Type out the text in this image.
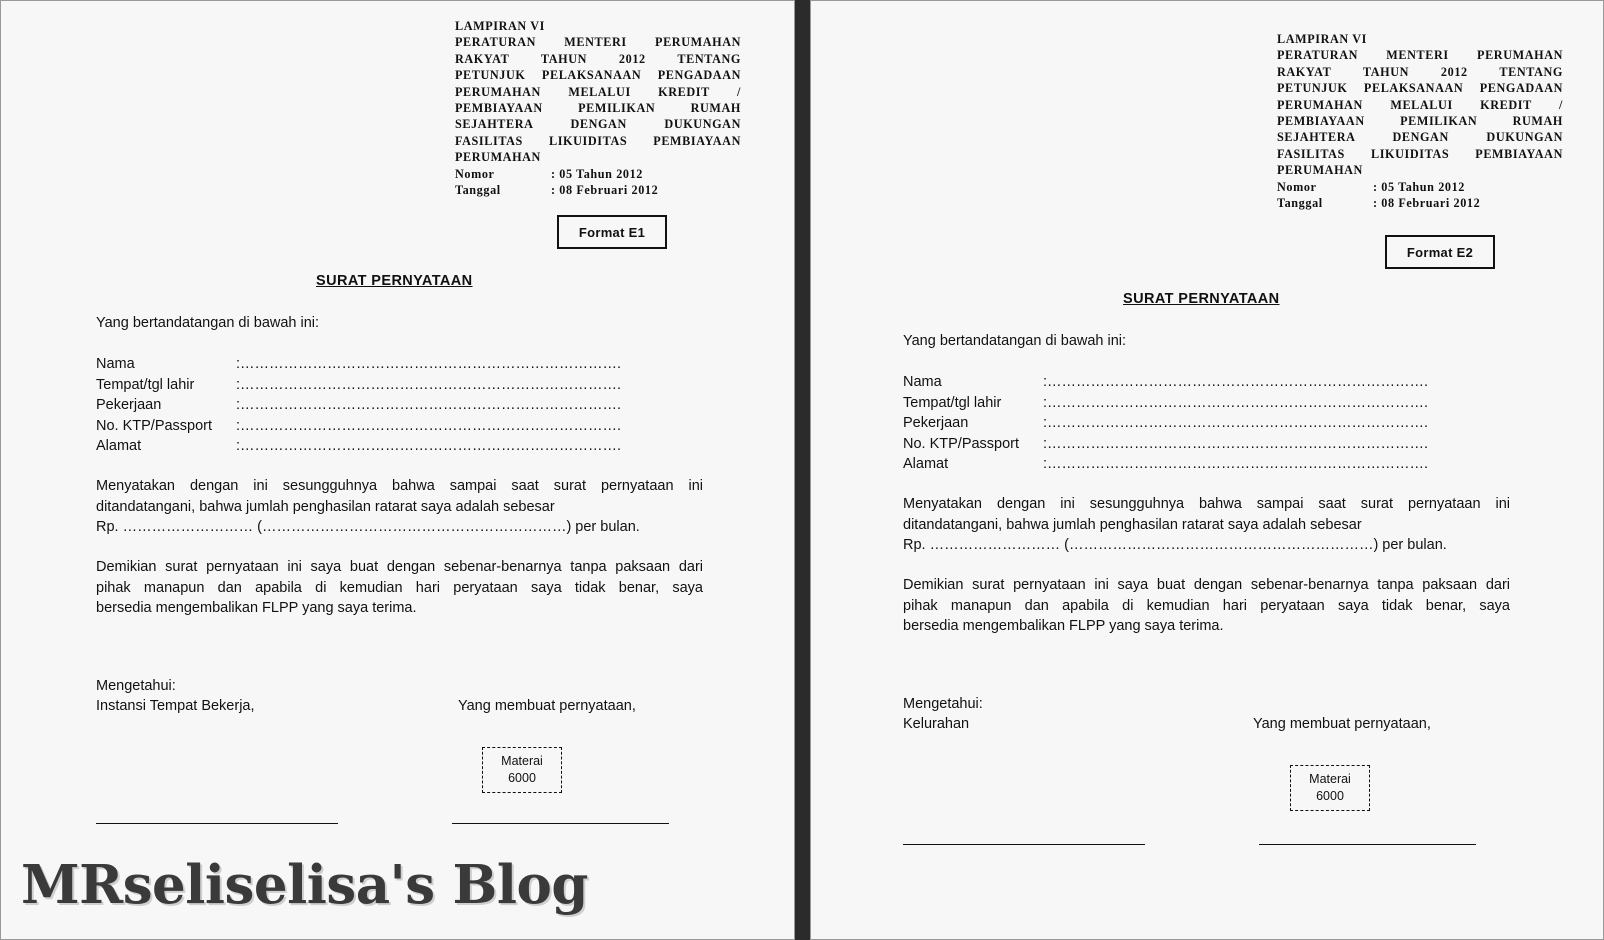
LAMPIRAN VI
PERATURAN MENTERI PERUMAHAN
RAKYAT TAHUN 2012 TENTANG
PETUNJUK PELAKSANAAN PENGADAAN
PERUMAHAN MELALUI KREDIT /
PEMBIAYAAN PEMILIKAN RUMAH
SEJAHTERA DENGAN DUKUNGAN
FASILITAS LIKUIDITAS PEMBIAYAAN
PERUMAHAN
Nomor	: 05 Tahun 2012
Tanggal	: 08 Februari 2012
Format E1
SURAT PERNYATAAN
Yang bertandatangan di bawah ini:
Nama	:…………………………………………………………………….
Tempat/tgl lahir	:…………………………………………………………………….
Pekerjaan	:…………………………………………………………………….
No. KTP/Passport	:…………………………………………………………………….
Alamat	:…………………………………………………………………….
Menyatakan dengan ini sesungguhnya bahwa sampai saat surat pernyataan ini
ditandatangani, bahwa jumlah penghasilan ratarat saya adalah sebesar
Rp. ……………………… (………………………………………………………) per bulan.
Demikian surat pernyataan ini saya buat dengan sebenar-benarnya tanpa paksaan dari
pihak manapun dan apabila di kemudian hari peryataan saya tidak benar, saya
bersedia mengembalikan FLPP yang saya terima.
Mengetahui:
Instansi Tempat Bekerja,	Yang membuat pernyataan,
Materai
6000
MRseliselisa's Blog
LAMPIRAN VI
PERATURAN MENTERI PERUMAHAN
RAKYAT TAHUN 2012 TENTANG
PETUNJUK PELAKSANAAN PENGADAAN
PERUMAHAN MELALUI KREDIT /
PEMBIAYAAN PEMILIKAN RUMAH
SEJAHTERA DENGAN DUKUNGAN
FASILITAS LIKUIDITAS PEMBIAYAAN
PERUMAHAN
Nomor	: 05 Tahun 2012
Tanggal	: 08 Februari 2012
Format E2
SURAT PERNYATAAN
Yang bertandatangan di bawah ini:
Nama	:…………………………………………………………………….
Tempat/tgl lahir	:…………………………………………………………………….
Pekerjaan	:…………………………………………………………………….
No. KTP/Passport	:…………………………………………………………………….
Alamat	:…………………………………………………………………….
Menyatakan dengan ini sesungguhnya bahwa sampai saat surat pernyataan ini
ditandatangani, bahwa jumlah penghasilan ratarat saya adalah sebesar
Rp. ……………………… (………………………………………………………) per bulan.
Demikian surat pernyataan ini saya buat dengan sebenar-benarnya tanpa paksaan dari
pihak manapun dan apabila di kemudian hari peryataan saya tidak benar, saya
bersedia mengembalikan FLPP yang saya terima.
Mengetahui:
Kelurahan	Yang membuat pernyataan,
Materai
6000
